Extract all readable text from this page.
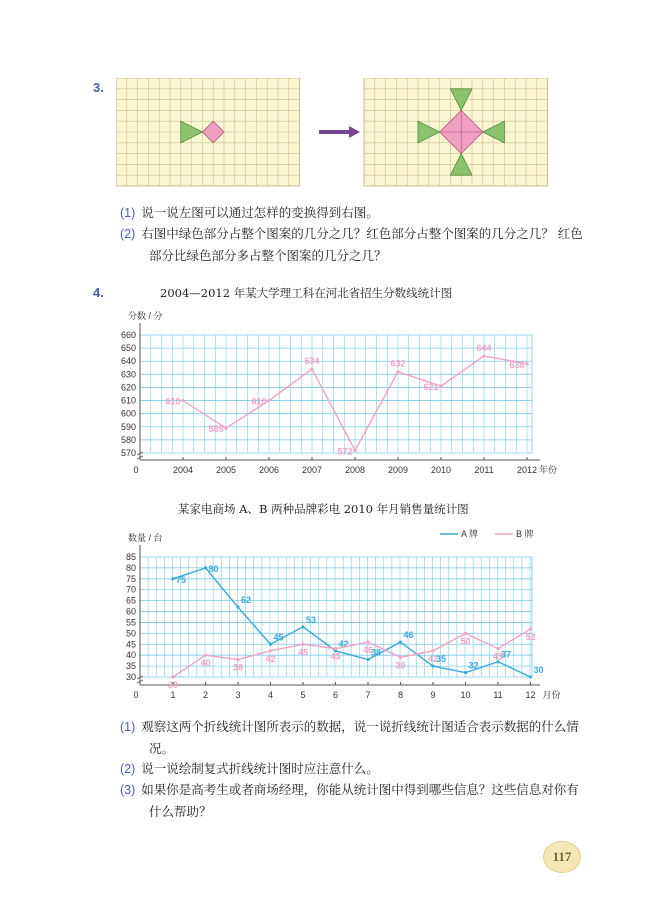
3.
(1) 说一说左图可以通过怎样的变换得到右图。
(2) 右图中绿色部分占整个图案的几分之几？红色部分占整个图案的几分之几？ 红色部分比绿色部分多占整个图案的几分之几？
4.	2004—2012 年某大学理工科在河北省招生分数线统计图
570
580
590
600
610
620
630
640
650
660
分数 / 分
0	2004	2005	2006	2007	2008	2009	2010	2011	2012 年份
610
589
610
634
572
632
621
644
638
某家电商场 A、B 两种品牌彩电 2010 年月销售量统计图
30
35
40
45
50
55
60
65
70
75
80
85
数量 / 台
0	1	2	3	4	5	6	7	8	9	10	11	12 月份
75
80
62
45
53
42
38
46
35
32
37
30
30
40 38
42
45 43
46
39
42
50
43
52
A 牌	B 牌
(1) 观察这两个折线统计图所表示的数据，说一说折线统计图适合表示数据的什么情况。
(2) 说一说绘制复式折线统计图时应注意什么。
(3) 如果你是高考生或者商场经理，你能从统计图中得到哪些信息？这些信息对你有什么帮助？
117
